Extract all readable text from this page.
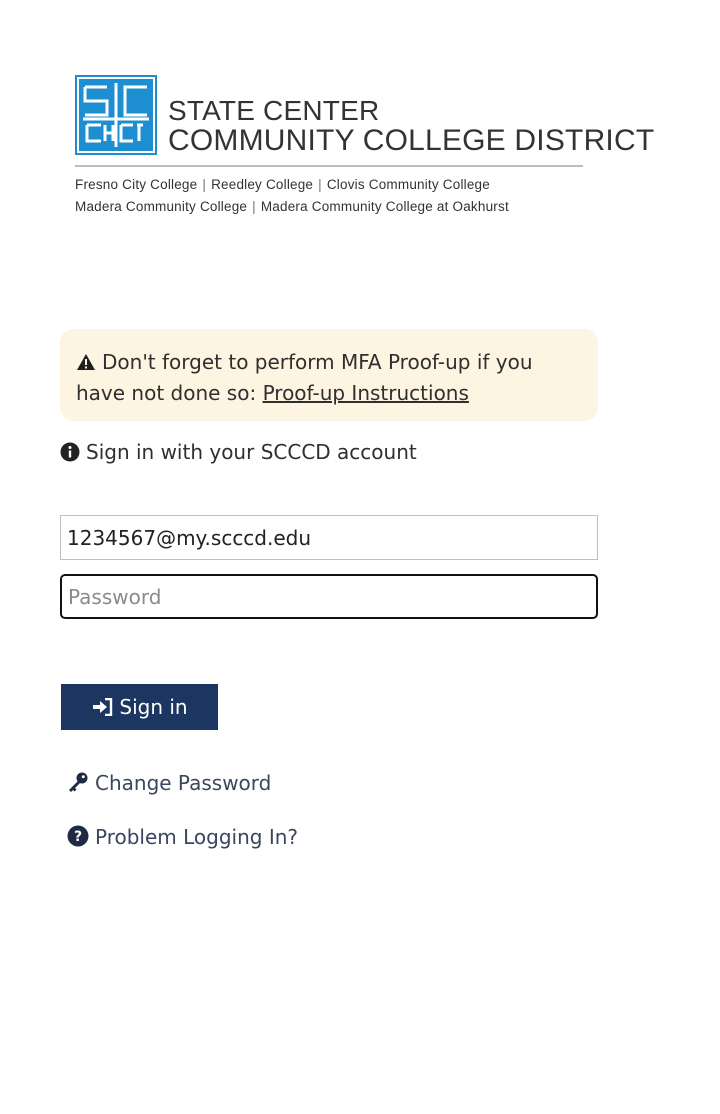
STATE CENTER
COMMUNITY COLLEGE DISTRICT
Fresno City College | Reedley College | Clovis Community College
Madera Community College | Madera Community College at Oakhurst
Don't forget to perform MFA Proof-up if you have not done so: Proof-up Instructions
Sign in with your SCCCD account
1234567@my.scccd.edu
Sign in
Change Password
? Problem Logging In?
